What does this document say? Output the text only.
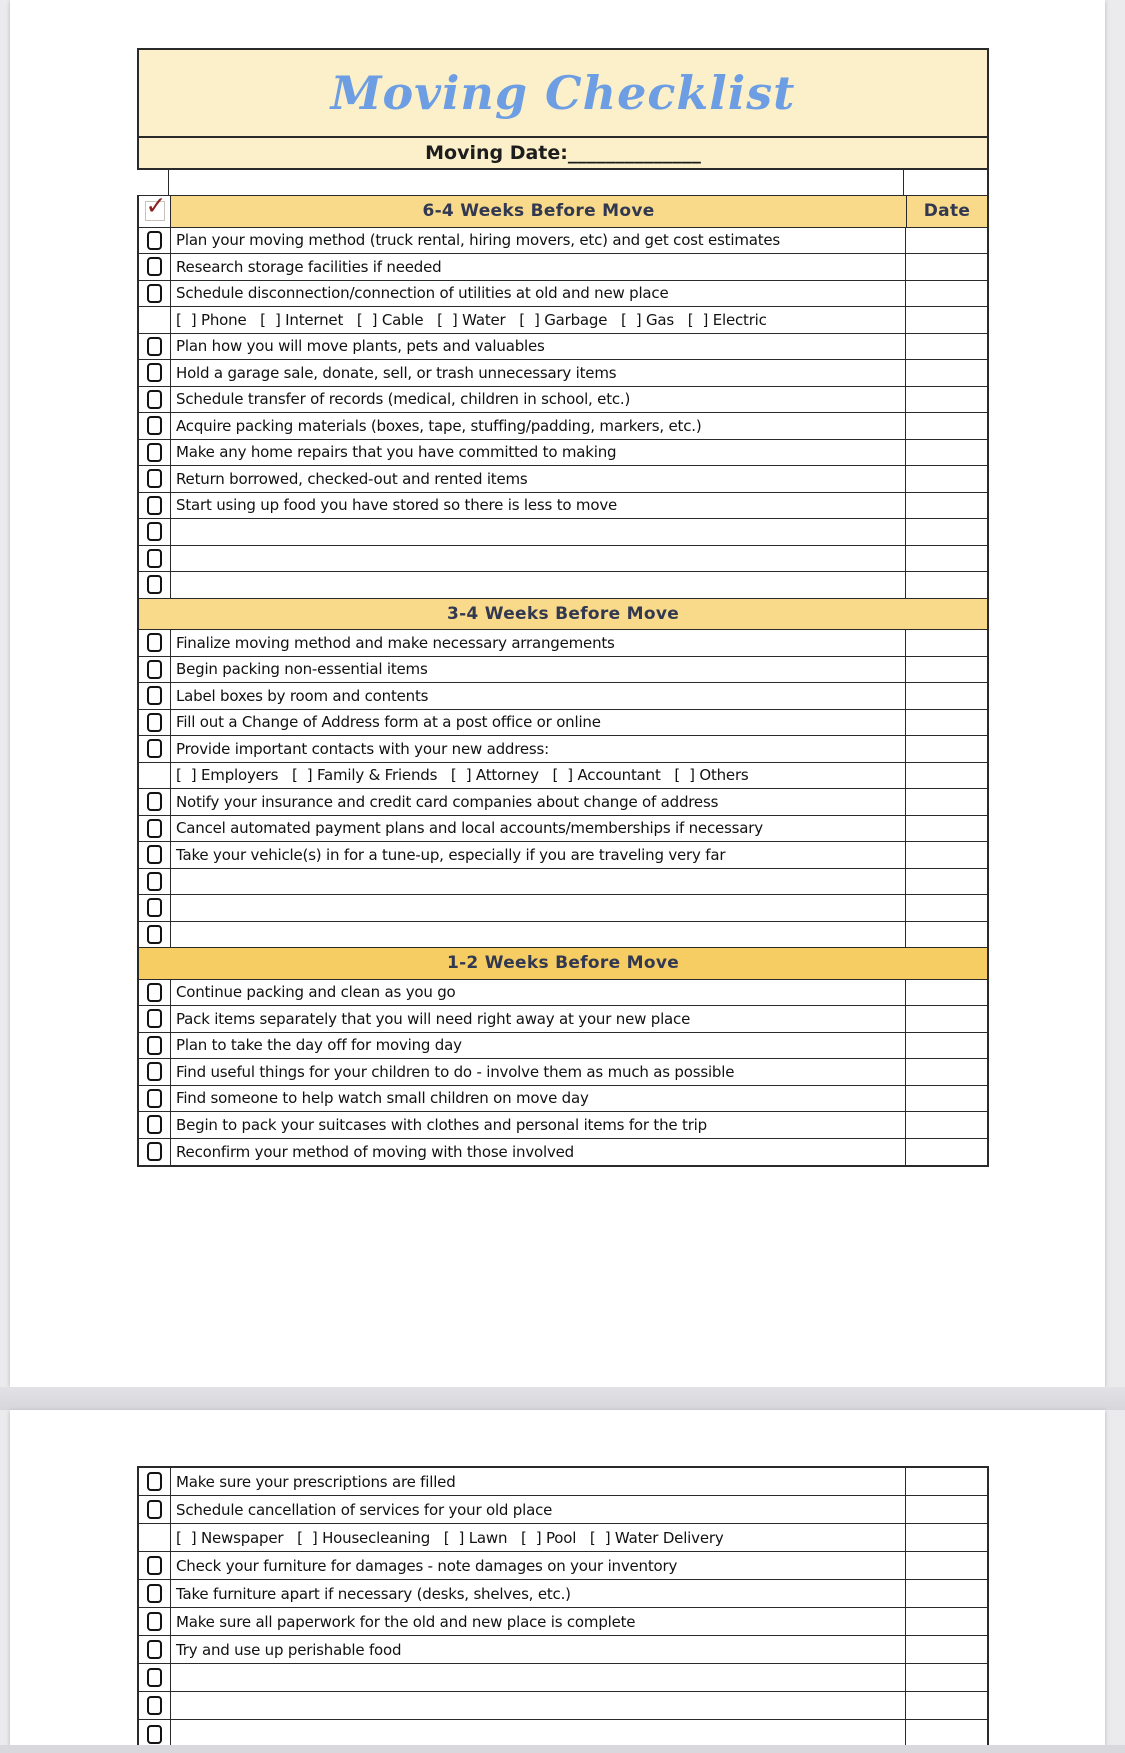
Moving Checklist
Moving Date:______________
✓	6-4 Weeks Before Move	Date
Plan your moving method (truck rental, hiring movers, etc) and get cost estimates
Research storage facilities if needed
Schedule disconnection/connection of utilities at old and new place
[  ] Phone   [  ] Internet   [  ] Cable   [  ] Water   [  ] Garbage   [  ] Gas   [  ] Electric
Plan how you will move plants, pets and valuables
Hold a garage sale, donate, sell, or trash unnecessary items
Schedule transfer of records (medical, children in school, etc.)
Acquire packing materials (boxes, tape, stuffing/padding, markers, etc.)
Make any home repairs that you have committed to making
Return borrowed, checked-out and rented items
Start using up food you have stored so there is less to move
3-4 Weeks Before Move
Finalize moving method and make necessary arrangements
Begin packing non-essential items
Label boxes by room and contents
Fill out a Change of Address form at a post office or online
Provide important contacts with your new address:
[  ] Employers   [  ] Family & Friends   [  ] Attorney   [  ] Accountant   [  ] Others
Notify your insurance and credit card companies about change of address
Cancel automated payment plans and local accounts/memberships if necessary
Take your vehicle(s) in for a tune-up, especially if you are traveling very far
1-2 Weeks Before Move
Continue packing and clean as you go
Pack items separately that you will need right away at your new place
Plan to take the day off for moving day
Find useful things for your children to do - involve them as much as possible
Find someone to help watch small children on move day
Begin to pack your suitcases with clothes and personal items for the trip
Reconfirm your method of moving with those involved
Make sure your prescriptions are filled
Schedule cancellation of services for your old place
[  ] Newspaper   [  ] Housecleaning   [  ] Lawn   [  ] Pool   [  ] Water Delivery
Check your furniture for damages - note damages on your inventory
Take furniture apart if necessary (desks, shelves, etc.)
Make sure all paperwork for the old and new place is complete
Try and use up perishable food
